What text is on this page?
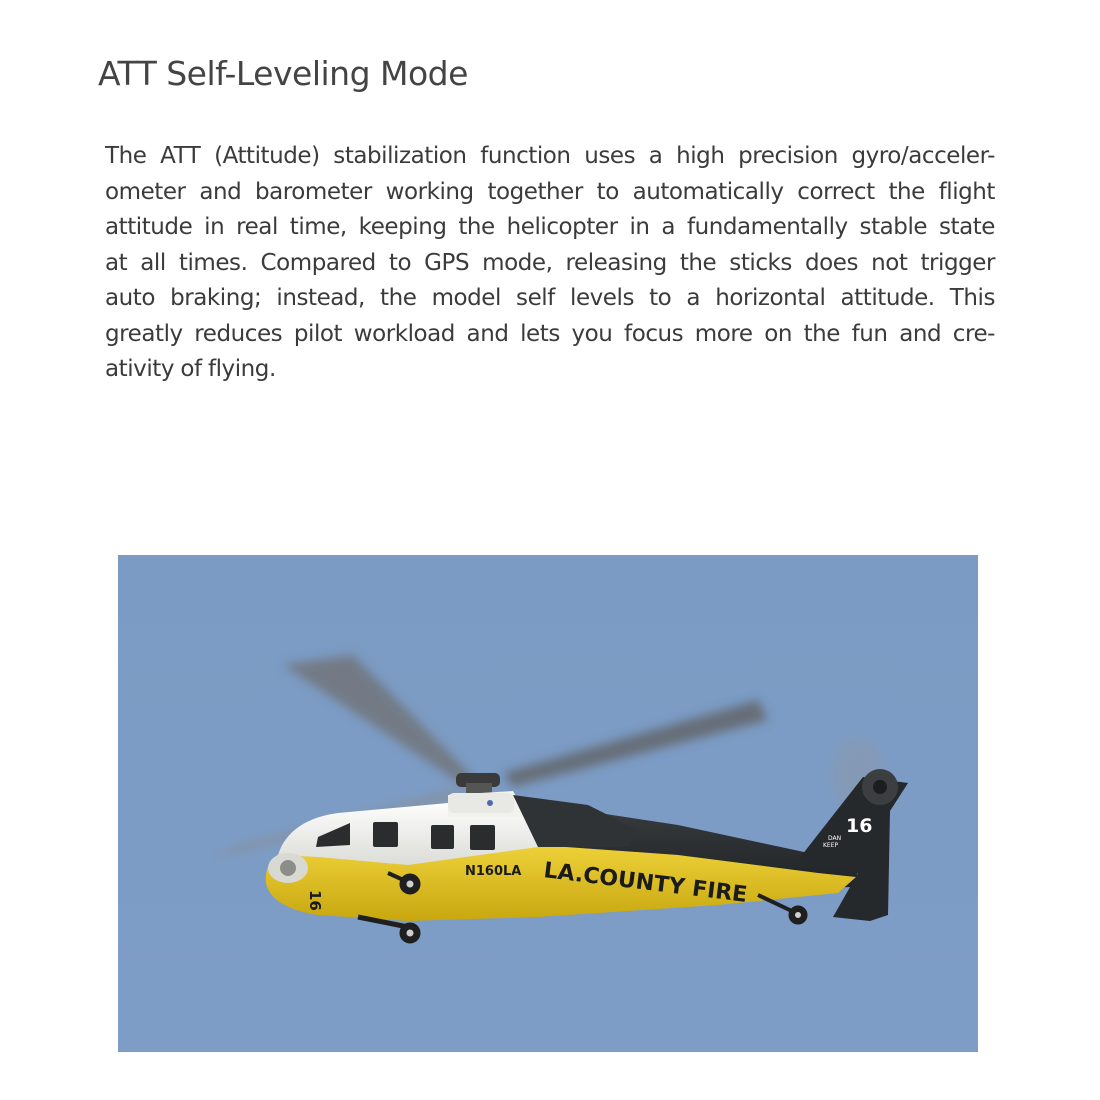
ATT Self-Leveling Mode

The ATT (Attitude) stabilization function uses a high precision gyro/acceler-
ometer and barometer working together to automatically correct the flight
attitude in real time, keeping the helicopter in a fundamentally stable state
at all times. Compared to GPS mode, releasing the sticks does not trigger
auto braking; instead, the model self levels to a horizontal attitude. This
greatly reduces pilot workload and lets you focus more on the fun and cre-
ativity of flying.

LA.COUNTY FIRE
N160LA
16
DAN
KEEP
16
